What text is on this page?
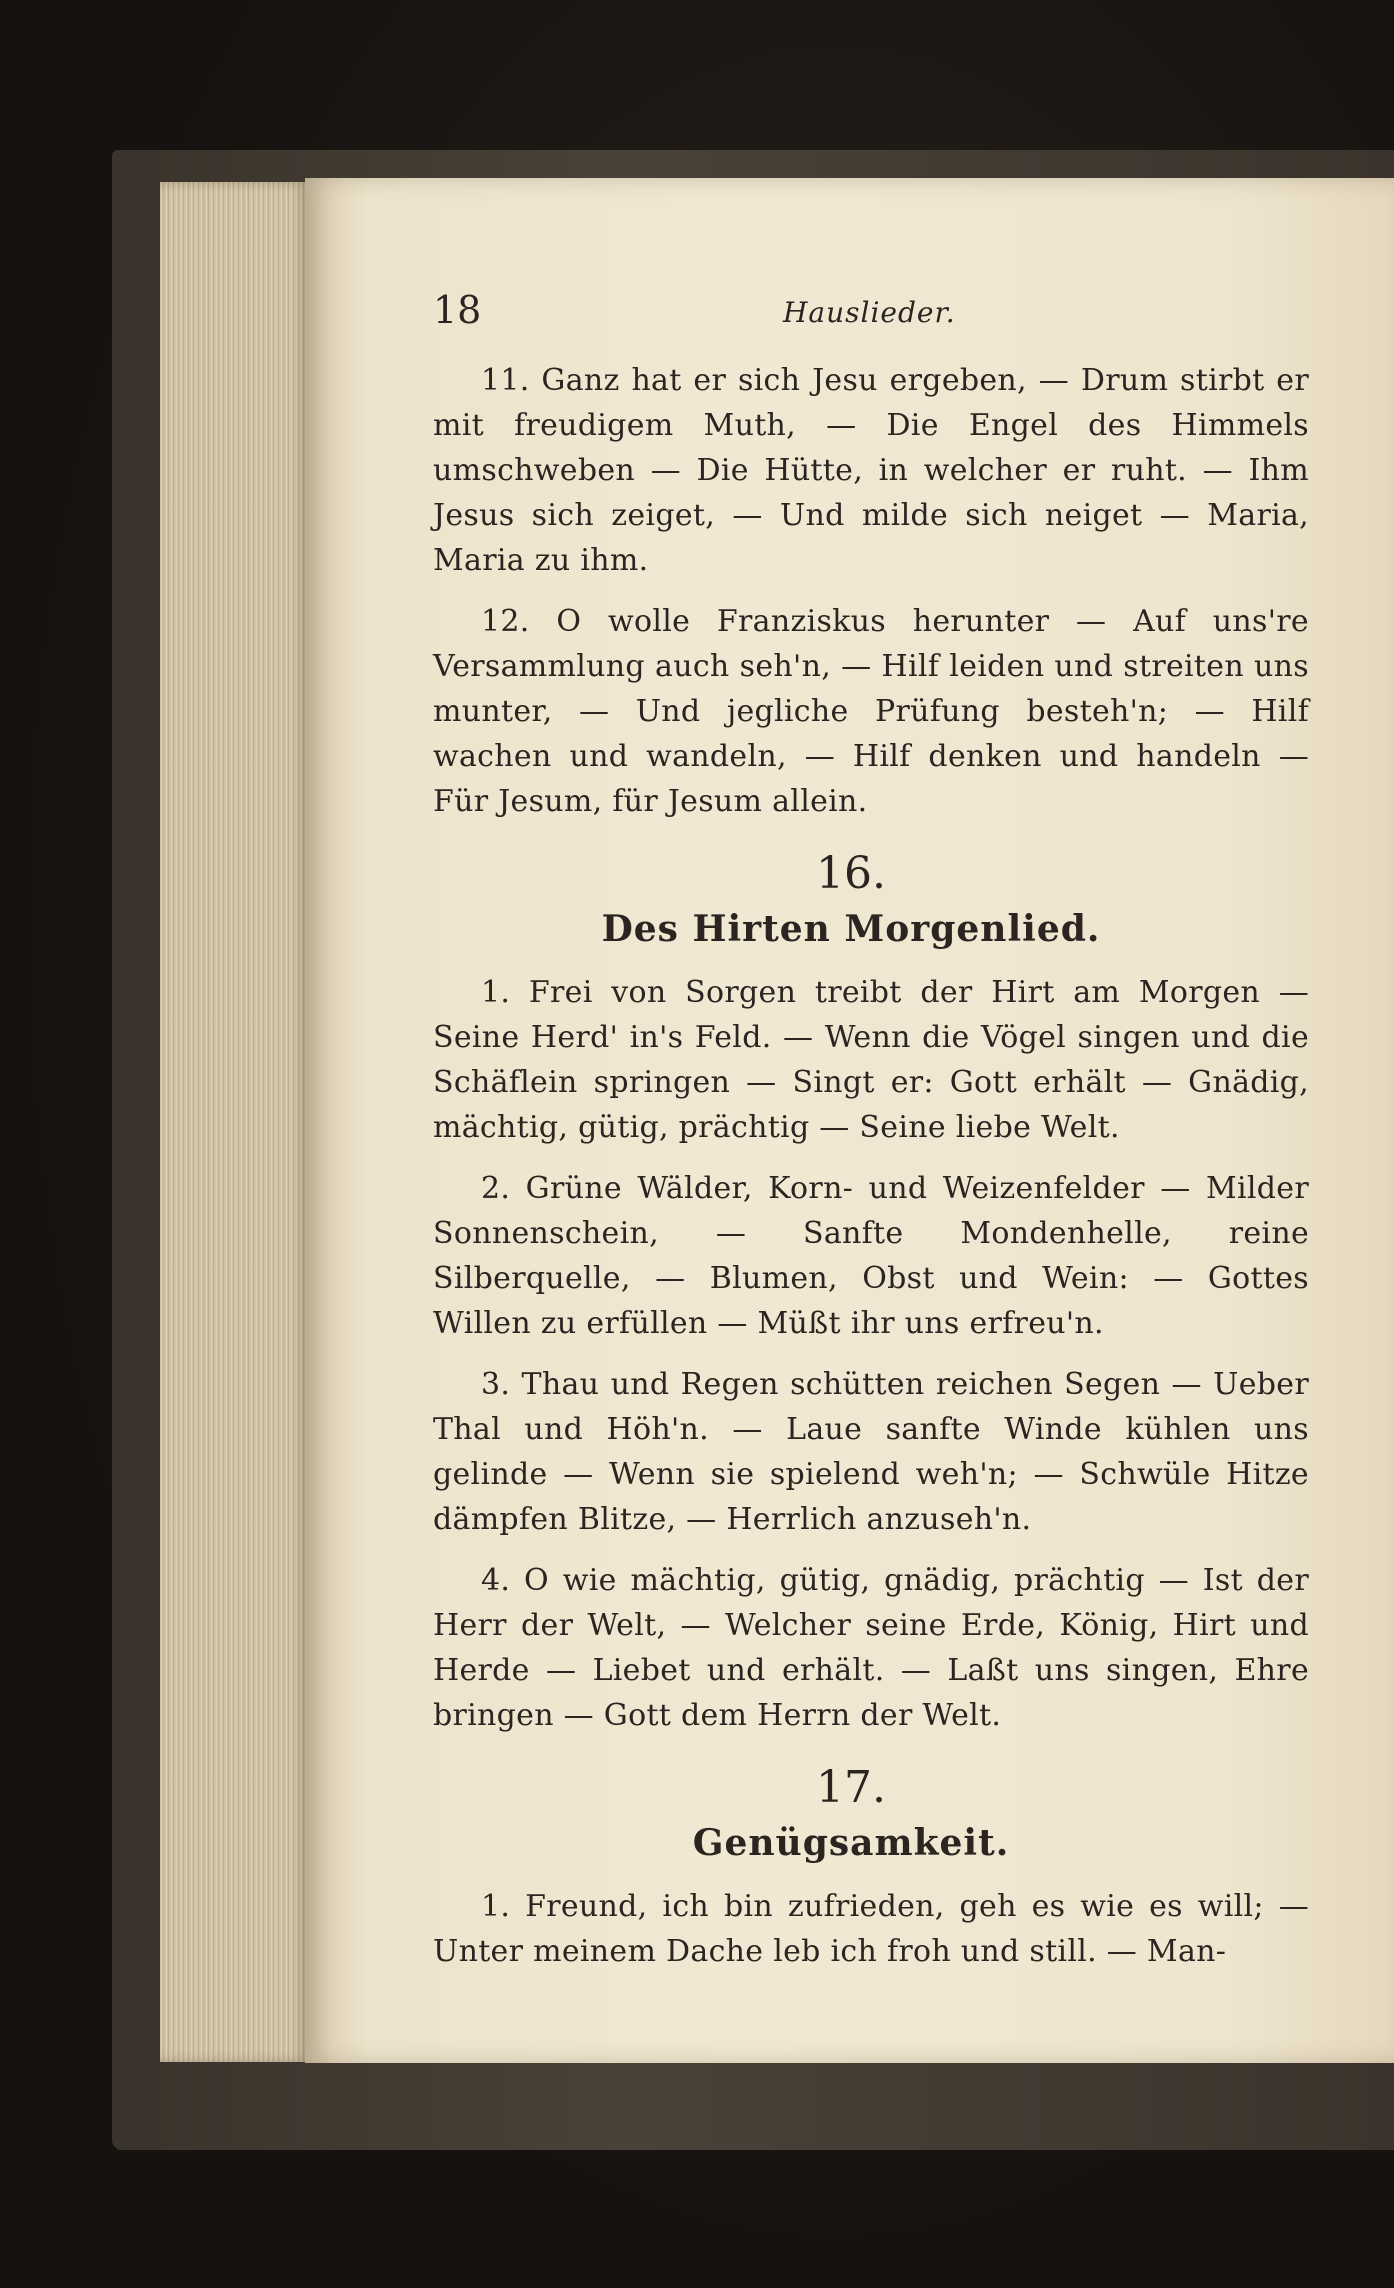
18	Hauslieder.

11. Ganz hat er sich Jesu ergeben, — Drum stirbt er mit freudigem Muth, — Die Engel des Himmels umschweben — Die Hütte, in welcher er ruht. — Ihm Jesus sich zeiget, — Und milde sich neiget — Maria, Maria zu ihm.

12. O wolle Franziskus herunter — Auf uns're Versammlung auch seh'n, — Hilf leiden und streiten uns munter, — Und jegliche Prüfung besteh'n; — Hilf wachen und wandeln, — Hilf denken und handeln — Für Jesum, für Jesum allein.

16.
Des Hirten Morgenlied.

1. Frei von Sorgen treibt der Hirt am Morgen — Seine Herd' in's Feld. — Wenn die Vögel singen und die Schäflein springen — Singt er: Gott erhält — Gnädig, mächtig, gütig, prächtig — Seine liebe Welt.

2. Grüne Wälder, Korn- und Weizenfelder — Milder Sonnenschein, — Sanfte Mondenhelle, reine Silberquelle, — Blumen, Obst und Wein: — Gottes Willen zu erfüllen — Müßt ihr uns erfreu'n.

3. Thau und Regen schütten reichen Segen — Ueber Thal und Höh'n. — Laue sanfte Winde kühlen uns gelinde — Wenn sie spielend weh'n; — Schwüle Hitze dämpfen Blitze, — Herrlich anzuseh'n.

4. O wie mächtig, gütig, gnädig, prächtig — Ist der Herr der Welt, — Welcher seine Erde, König, Hirt und Herde — Liebet und erhält. — Laßt uns singen, Ehre bringen — Gott dem Herrn der Welt.

17.
Genügsamkeit.

1. Freund, ich bin zufrieden, geh es wie es will; — Unter meinem Dache leb ich froh und still. — Man-
